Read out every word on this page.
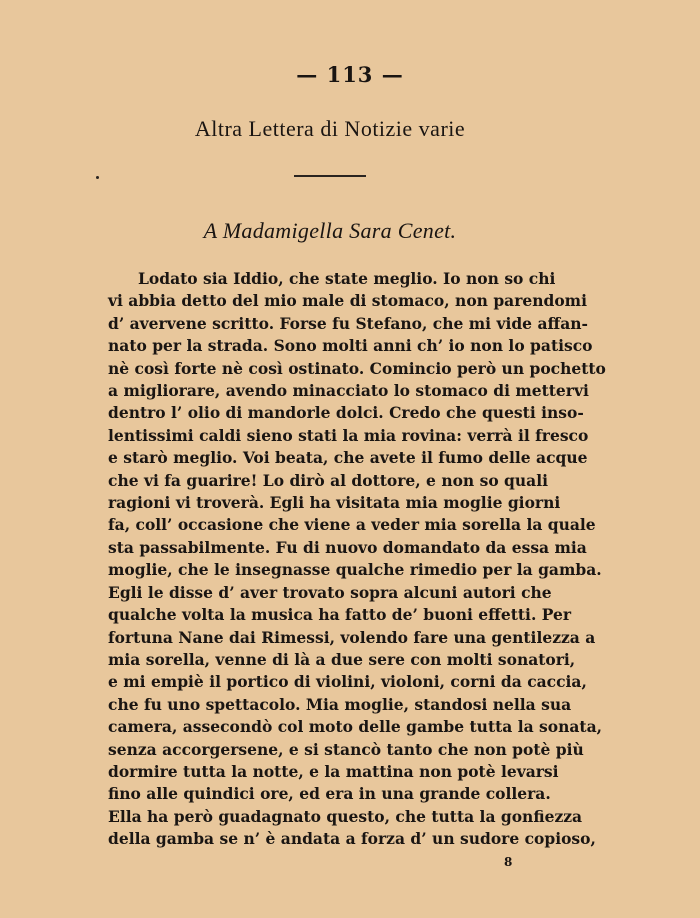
— 113 —
Altra Lettera di Notizie varie
A Madamigella Sara Cenet.
Lodato sia Iddio, che state meglio. Io non so chi
vi abbia detto del mio male di stomaco, non parendomi
d’ avervene scritto. Forse fu Stefano, che mi vide affan-
nato per la strada. Sono molti anni ch’ io non lo patisco
nè così forte nè così ostinato. Comincio però un pochetto
a migliorare, avendo minacciato lo stomaco di mettervi
dentro l’ olio di mandorle dolci. Credo che questi inso-
lentissimi caldi sieno stati la mia rovina: verrà il fresco
e starò meglio. Voi beata, che avete il fumo delle acque
che vi fa guarire! Lo dirò al dottore, e non so quali
ragioni vi troverà. Egli ha visitata mia moglie giorni
fa, coll’ occasione che viene a veder mia sorella la quale
sta passabilmente. Fu di nuovo domandato da essa mia
moglie, che le insegnasse qualche rimedio per la gamba.
Egli le disse d’ aver trovato sopra alcuni autori che
qualche volta la musica ha fatto de’ buoni effetti. Per
fortuna Nane dai Rimessi, volendo fare una gentilezza a
mia sorella, venne di là a due sere con molti sonatori,
e mi empiè il portico di violini, violoni, corni da caccia,
che fu uno spettacolo. Mia moglie, standosi nella sua
camera, assecondò col moto delle gambe tutta la sonata,
senza accorgersene, e si stancò tanto che non potè più
dormire tutta la notte, e la mattina non potè levarsi
fino alle quindici ore, ed era in una grande collera.
Ella ha però guadagnato questo, che tutta la gonfiezza
della gamba se n’ è andata a forza d’ un sudore copioso,
8
